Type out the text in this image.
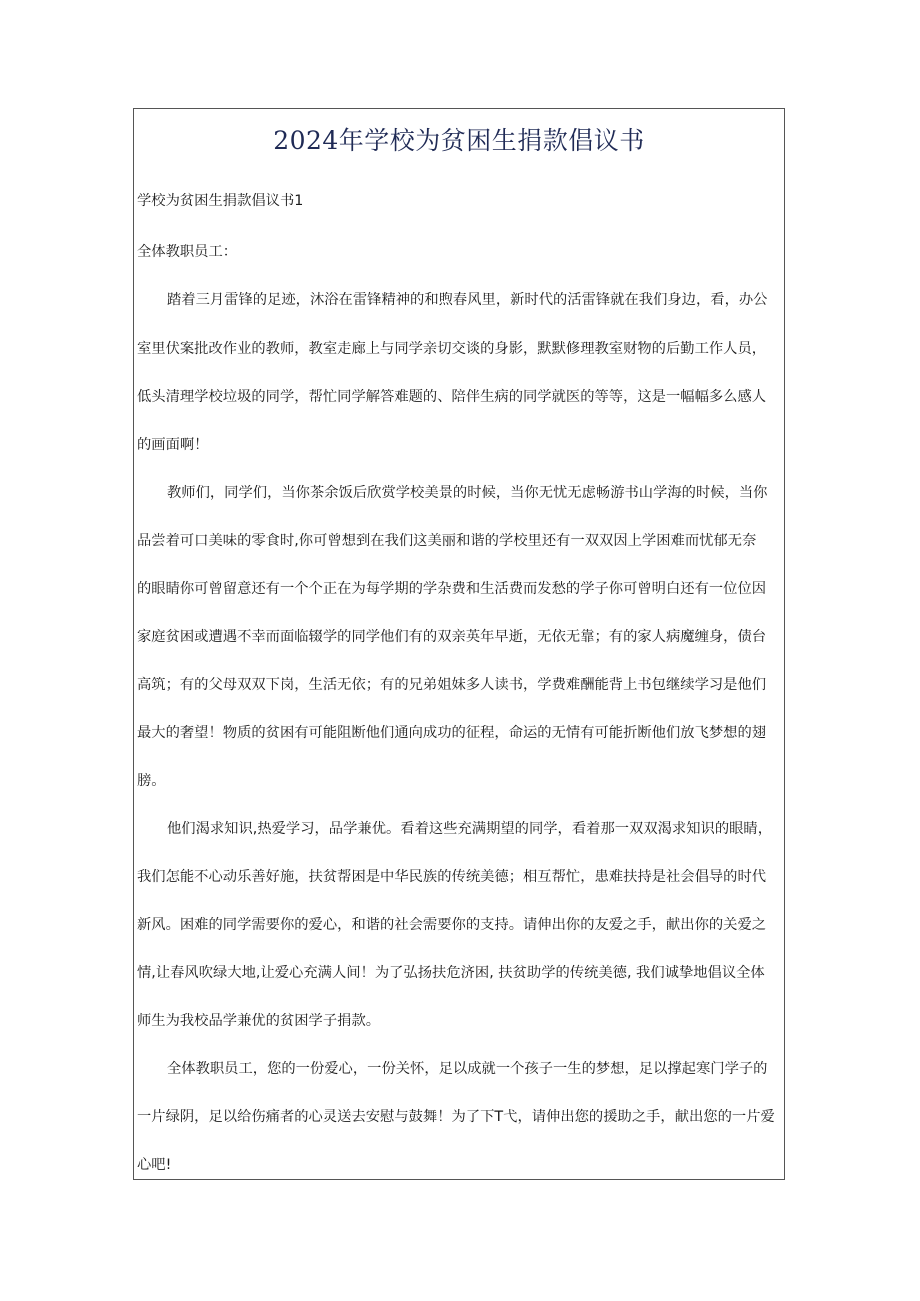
2024年学校为贫困生捐款倡议书
学校为贫困生捐款倡议书1
全体教职员工：
踏着三月雷锋的足迹，沐浴在雷锋精神的和煦春风里，新时代的活雷锋就在我们身边，看，办公
室里伏案批改作业的教师，教室走廊上与同学亲切交谈的身影，默默修理教室财物的后勤工作人员，
低头清理学校垃圾的同学，帮忙同学解答难题的、陪伴生病的同学就医的等等，这是一幅幅多么感人
的画面啊！
教师们，同学们，当你茶余饭后欣赏学校美景的时候，当你无忧无虑畅游书山学海的时候，当你
品尝着可口美味的零食时,你可曾想到在我们这美丽和谐的学校里还有一双双因上学困难而忧郁无奈
的眼睛你可曾留意还有一个个正在为每学期的学杂费和生活费而发愁的学子你可曾明白还有一位位因
家庭贫困或遭遇不幸而面临辍学的同学他们有的双亲英年早逝，无依无靠；有的家人病魔缠身，债台
高筑；有的父母双双下岗，生活无依；有的兄弟姐妹多人读书，学费难酬能背上书包继续学习是他们
最大的奢望！物质的贫困有可能阻断他们通向成功的征程，命运的无情有可能折断他们放飞梦想的翅
膀。
他们渴求知识,热爱学习，品学兼优。看着这些充满期望的同学，看着那一双双渴求知识的眼睛，
我们怎能不心动乐善好施，扶贫帮困是中华民族的传统美德；相互帮忙，患难扶持是社会倡导的时代
新风。困难的同学需要你的爱心，和谐的社会需要你的支持。请伸出你的友爱之手，献出你的关爱之
情,让春风吹绿大地,让爱心充满人间！为了弘扬扶危济困, 扶贫助学的传统美德, 我们诚挚地倡议全体
师生为我校品学兼优的贫困学子捐款。
全体教职员工，您的一份爱心，一份关怀，足以成就一个孩子一生的梦想，足以撑起寒门学子的
一片绿阴，足以给伤痛者的心灵送去安慰与鼓舞！为了下T弋，请伸出您的援助之手，献出您的一片爱
心吧!
